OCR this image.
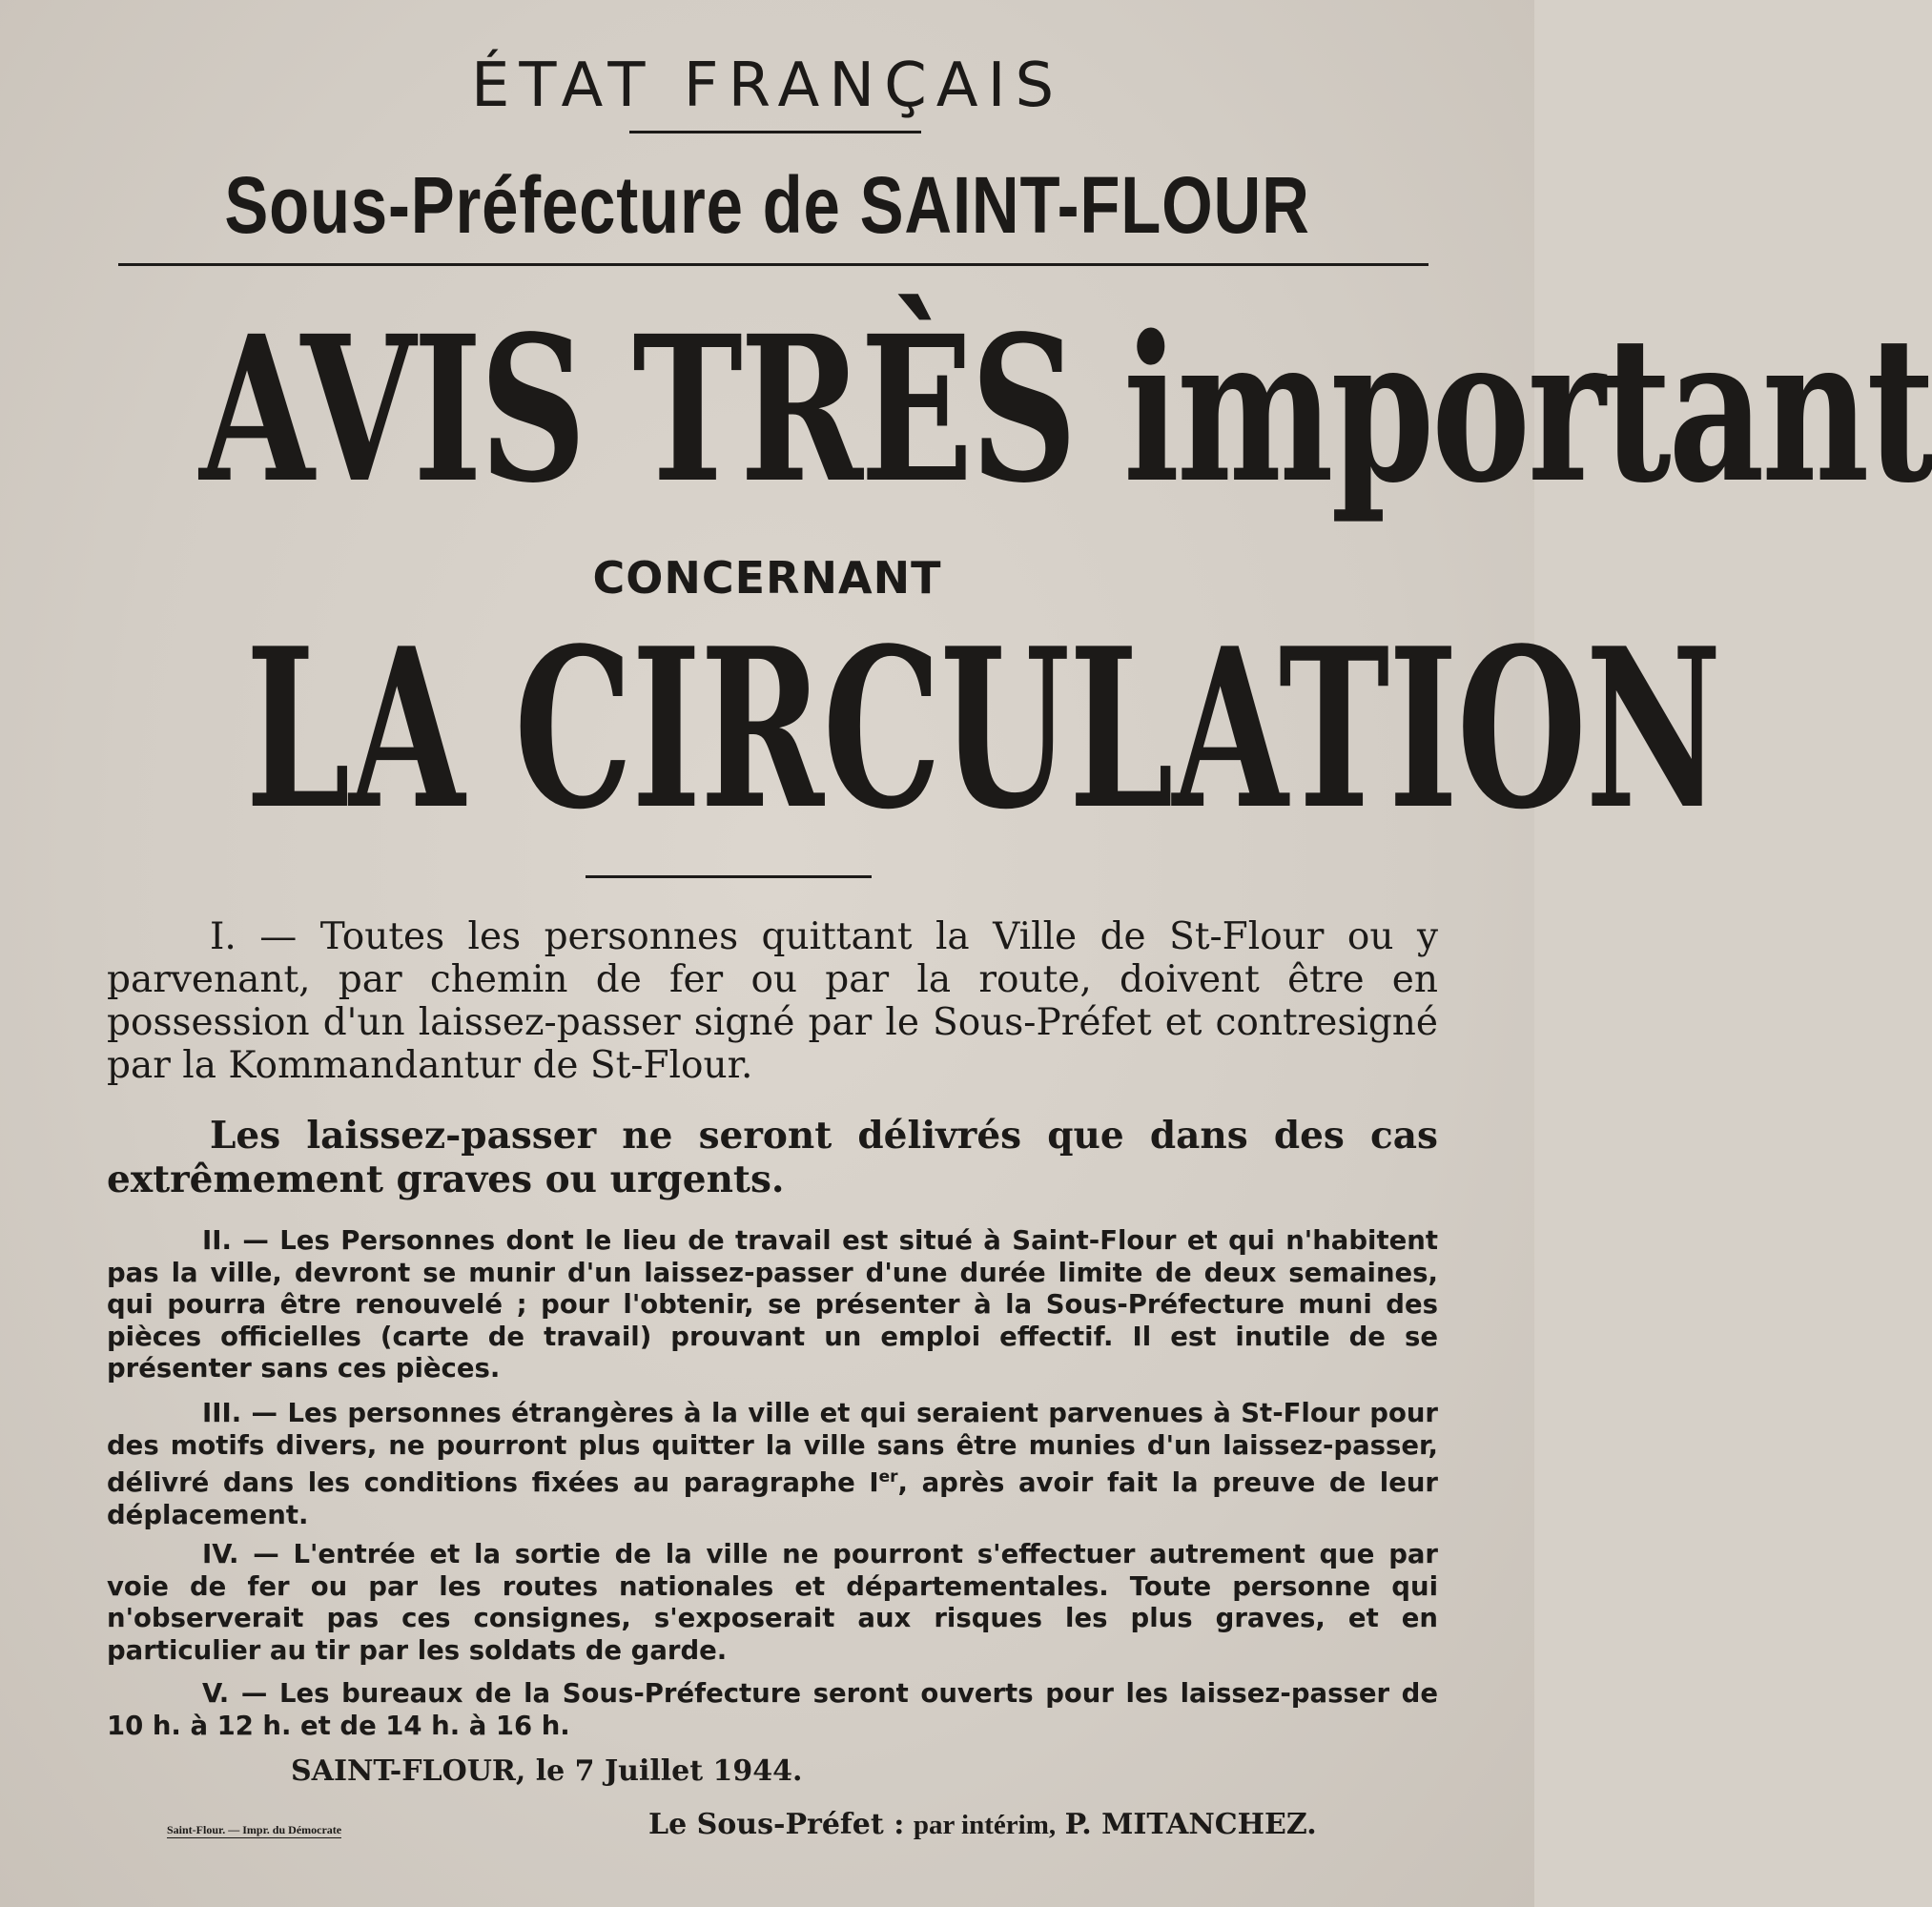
ÉTAT FRANÇAIS
Sous-Préfecture de SAINT-FLOUR
AVIS TRÈS important
CONCERNANT
LA CIRCULATION
I. — Toutes les personnes quittant la Ville de St-Flour ou y parvenant, par chemin de fer ou par la route, doivent être en possession d'un laissez-passer signé par le Sous-Préfet et contresigné par la Kommandantur de St-Flour.
Les laissez-passer ne seront délivrés que dans des cas extrêmement graves ou urgents.
II. — Les Personnes dont le lieu de travail est situé à Saint-Flour et qui n'habitent pas la ville, devront se munir d'un laissez-passer d'une durée limite de deux semaines, qui pourra être renouvelé ; pour l'obtenir, se présenter à la Sous-Préfecture muni des pièces officielles (carte de travail) prouvant un emploi effectif. Il est inutile de se présenter sans ces pièces.
III. — Les personnes étrangères à la ville et qui seraient parvenues à St-Flour pour des motifs divers, ne pourront plus quitter la ville sans être munies d'un laissez-passer, délivré dans les conditions fixées au paragraphe Ier, après avoir fait la preuve de leur déplacement.
IV. — L'entrée et la sortie de la ville ne pourront s'effectuer autrement que par voie de fer ou par les routes nationales et départementales. Toute personne qui n'observerait pas ces consignes, s'exposerait aux risques les plus graves, et en particulier au tir par les soldats de garde.
V. — Les bureaux de la Sous-Préfecture seront ouverts pour les laissez-passer de 10 h. à 12 h. et de 14 h. à 16 h.
SAINT-FLOUR, le 7 Juillet 1944.
Saint-Flour. — Impr. du Démocrate	Le Sous-Préfet : par intérim, P. MITANCHEZ.
